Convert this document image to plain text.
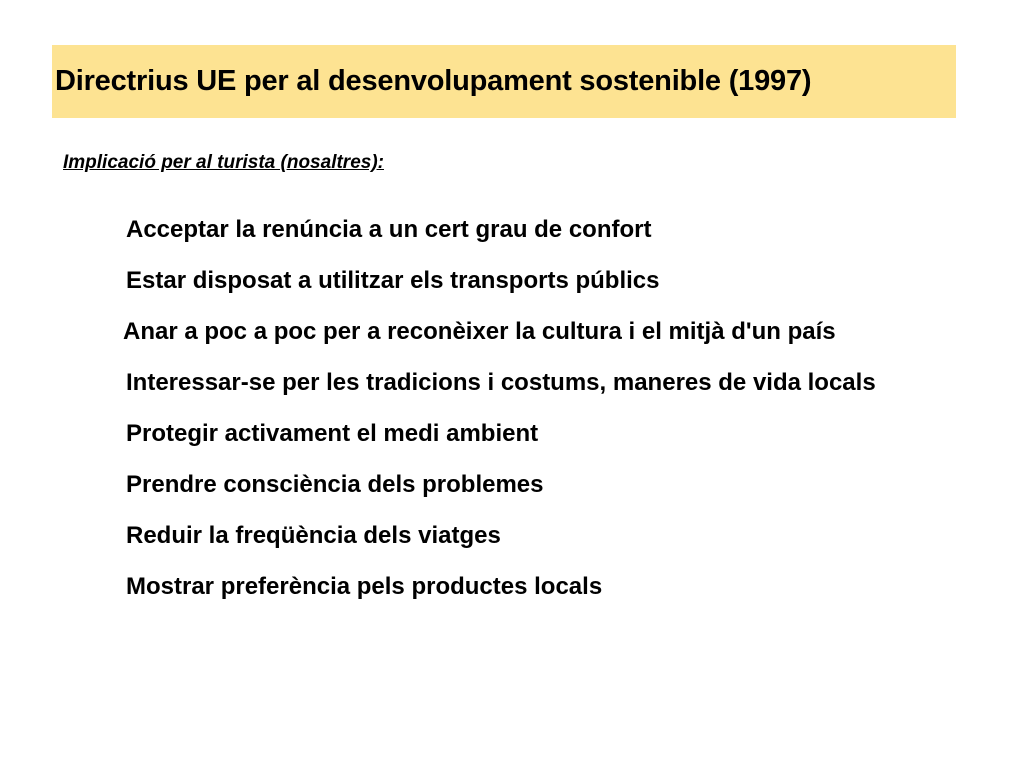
Directrius UE per al desenvolupament sostenible (1997)
Implicació per al turista (nosaltres):
Acceptar la renúncia a un cert grau de confort
Estar disposat a utilitzar els transports públics
Anar a poc a poc per a reconèixer la cultura i el mitjà d'un país
Interessar-se per les tradicions i costums, maneres de vida locals
Protegir activament el medi ambient
Prendre consciència dels problemes
Reduir la freqüència dels viatges
Mostrar preferència pels productes locals
